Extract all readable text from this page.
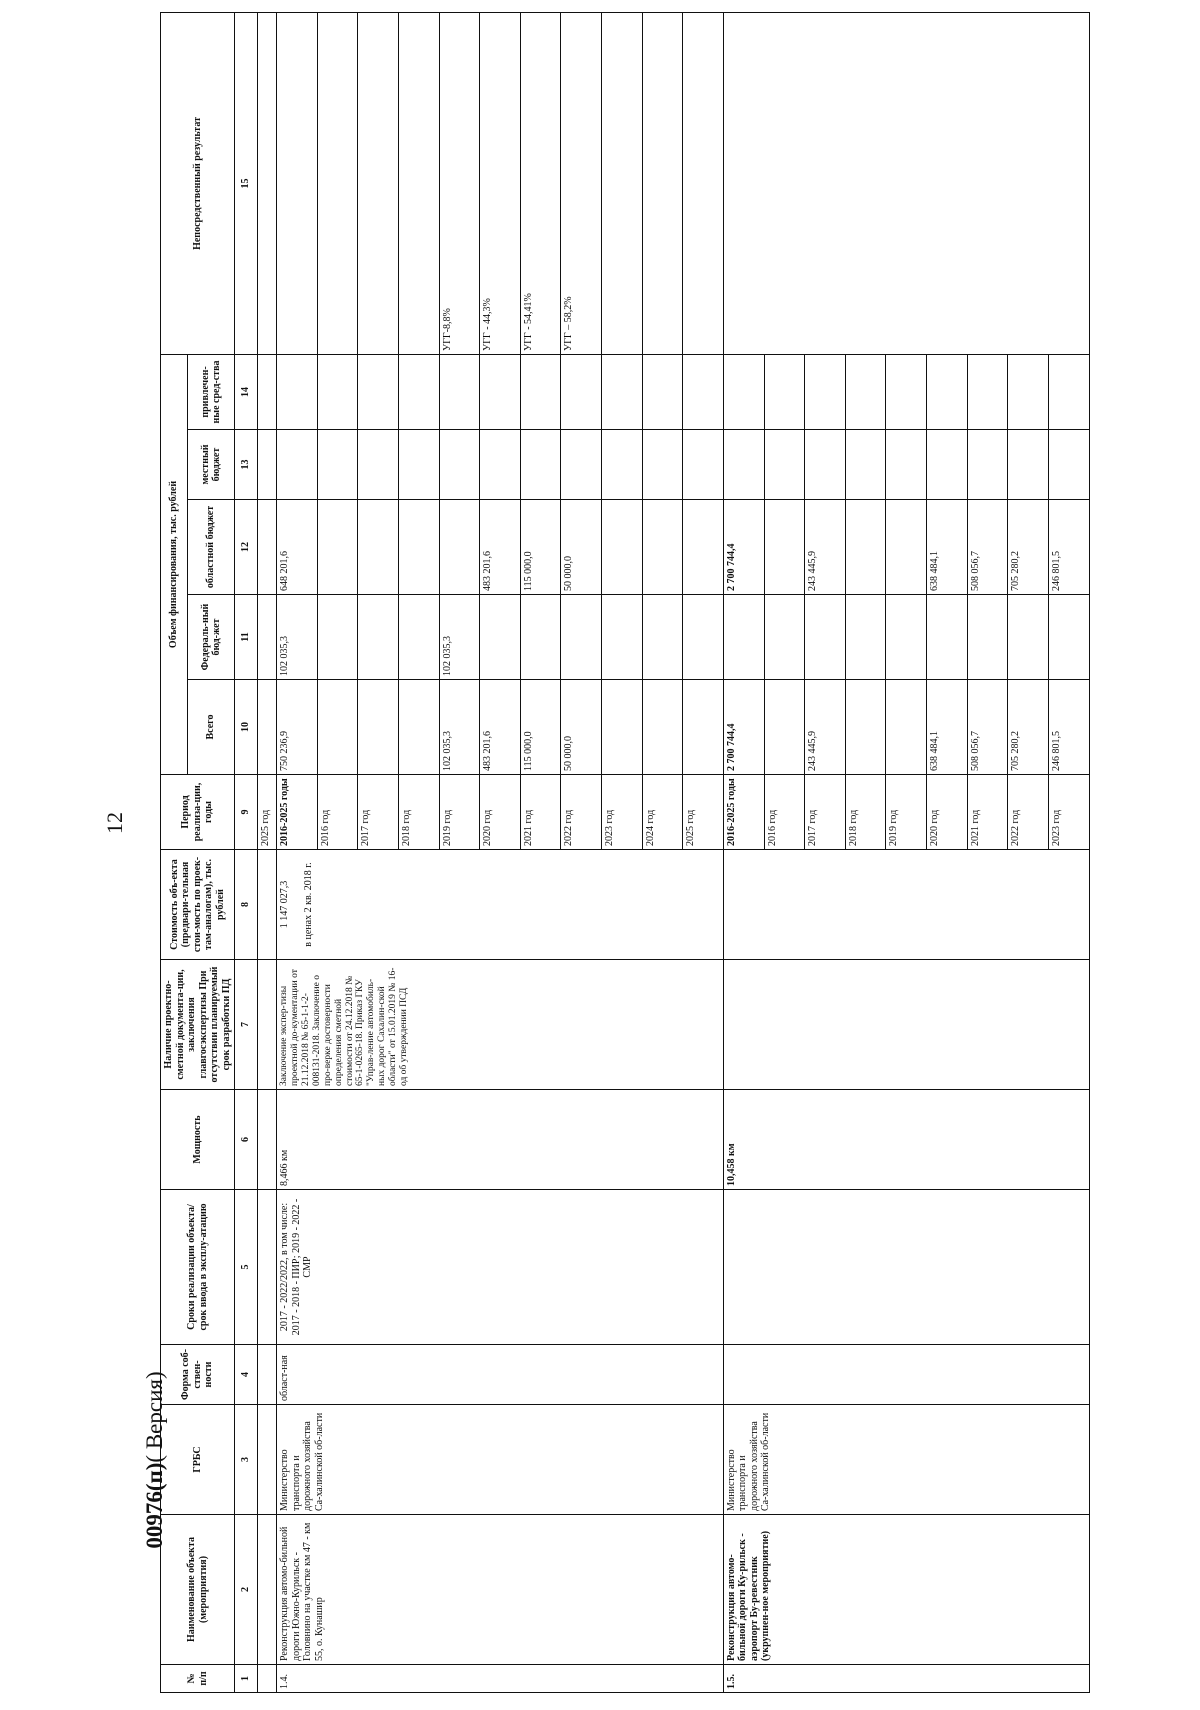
12
00976(п)( Версия)
№ п/п	Наименование объекта (мероприятия)	ГРБС	Форма соб-ствен-ности	Сроки реализации объекта/ срок ввода в эксплу-атацию	Мощность	Наличие проектно-сметной документа-ции, заключения главгосэкспертизы При отсутствии планируемый срок разработки ПД	Стоимость объ-екта (предвари-тельная стои-мость по проек-там-аналогам), тыс. рублей	Период реализа-ции, годы	Объем финансирования, тыс. рублей					Непосредственный результат
									Всего	Федераль-ный бюд-жет	областной бюджет	местный бюджет	привлечен-ные сред-ства	
1	2	3	4	5	6	7	8	9	10	11	12	13	14	15
								2025 год						
1.4.	Реконструкция автомо-бильной дороги Южно-Курильск - Головнино на участке км 47 - км 55, о. Кунашир	Министерство транспорта и дорожного хозяйства Са-халинской об-ласти	област-ная	2017 - 2022/2022, в том числе: 2017 - 2018 - ПИР; 2019 - 2022 - СМР	8,466 км	Заключение экспер-тизы проектной до-кументации от 21.12.2018 № 65-1-1-2-008131-2018. Заключение о про-верке достоверности определения сметной стоимости от 24.12.2018 № 65-1-0265-18. Приказ ГКУ "Управ-ление автомобиль-ных дорог Сахалин-ской области" от 15.01.2019 № 16-од об утверждении ПСД	1 147 027,3 в ценах 2 кв. 2018 г.	2016-2025 годы	750 236,9	102 035,3	648 201,6			
								2016 год						
								2017 год						
								2018 год						
								2019 год	102 035,3	102 035,3				УГГ-8,8%
								2020 год	483 201,6		483 201,6			УГГ - 44,3%
								2021 год	115 000,0		115 000,0			УГГ - 54,41%
								2022 год	50 000,0		50 000,0			УГГ – 58,2%
								2023 год						
								2024 год						
								2025 год						
1.5.	Реконструкция автомо-бильной дороги Ку-рильск - аэропорт Бу-ревестник (укрупнен-ное мероприятие)	Министерство транспорта и дорожного хозяйства Са-халинской об-ласти			10,458 км			2016-2025 годы	2 700 744,4		2 700 744,4			
								2016 год						
								2017 год	243 445,9		243 445,9			
								2018 год						
								2019 год						
								2020 год	638 484,1		638 484,1			
								2021 год	508 056,7		508 056,7			
								2022 год	705 280,2		705 280,2			
								2023 год	246 801,5		246 801,5			
